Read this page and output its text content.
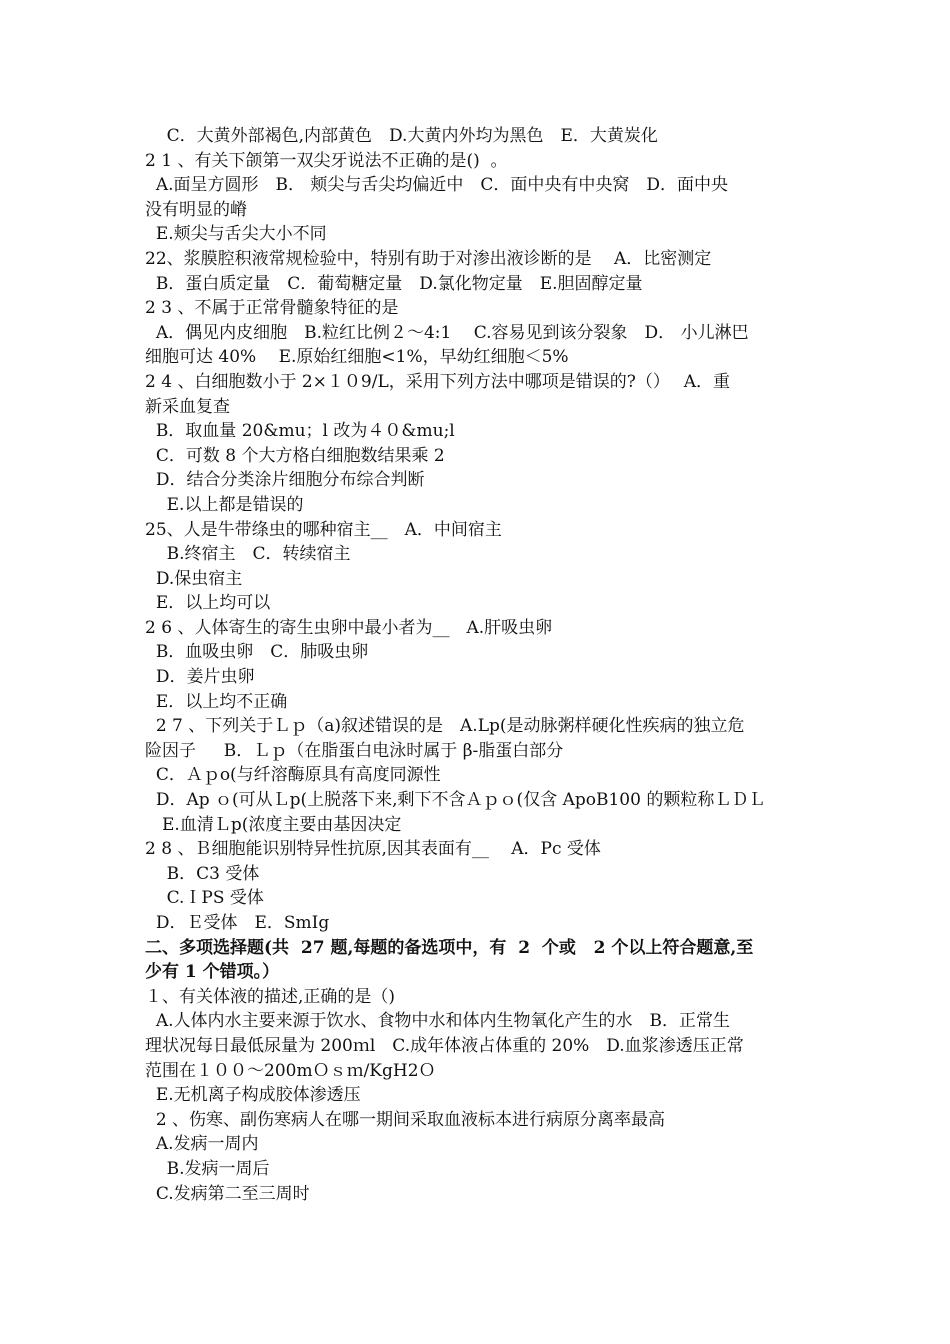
C．大黄外部褐色,内部黄色　D.大黄内外均为黑色　E．大黄炭化

2 1 、有关下颌第一双尖牙说法不正确的是()  。

A.面呈方圆形　B． 颊尖与舌尖均偏近中　C．面中央有中央窝　D．面中央

没有明显的嵴

E.颊尖与舌尖大小不同

22、浆膜腔积液常规检验中，特别有助于对渗出液诊断的是　 A．比密测定

B．蛋白质定量　C．葡萄糖定量　D.氯化物定量　E.胆固醇定量

2 3 、不属于正常骨髓象特征的是

A．偶见内皮细胞　B.粒红比例２～4:1　 C.容易见到该分裂象　D． 小儿淋巴

细胞可达 40%　 E.原始红细胞<1%，早幼红细胞＜5%

2 4 、白细胞数小于 2×１０9/L，采用下列方法中哪项是错误的?（）　 A．重

新采血复查

B．取血量 20&mu；l 改为４０&mu;l

C．可数 8 个大方格白细胞数结果乘 2

D．结合分类涂片细胞分布综合判断

E.以上都是错误的

25、人是牛带绦虫的哪种宿主__　A．中间宿主

B.终宿主　C．转续宿主

D.保虫宿主

E．以上均可以

2 6 、人体寄生的寄生虫卵中最小者为__　A.肝吸虫卵

B．血吸虫卵　C．肺吸虫卵

D．姜片虫卵

E．以上均不正确

2 7 、下列关于Ｌｐ（a)叙述错误的是　A.Lp(是动脉粥样硬化性疾病的独立危

险因子　  B．Ｌｐ（在脂蛋白电泳时属于 β-脂蛋白部分

C．Ａｐo(与纤溶酶原具有高度同源性

D．Ap ｏ(可从Ｌp(上脱落下来,剩下不含Ａｐｏ(仅含 ApoB100 的颗粒称ＬＤＬ

　E.血清Ｌp(浓度主要由基因决定

2 8 、Ｂ细胞能识别特异性抗原,因其表面有__　 A．Pc 受体

B．C3 受体

C.ＩPS 受体

D．Ｅ受体　E．SmIg

二、多项选择题(共  27 题,每题的备选项中，有  2  个或   2 个以上符合题意,至

少有 1 个错项。）

１、有关体液的描述,正确的是（)

A.人体内水主要来源于饮水、食物中水和体内生物氧化产生的水　B．正常生

理状况每日最低尿量为 200ｍl　C.成年体液占体重的 20%　D.血浆渗透压正常

范围在１００～200mＯｓｍ/KgH2Ｏ

E.无机离子构成胶体渗透压

2 、伤寒、副伤寒病人在哪一期间采取血液标本进行病原分离率最高

A.发病一周内

B.发病一周后

C.发病第二至三周时
